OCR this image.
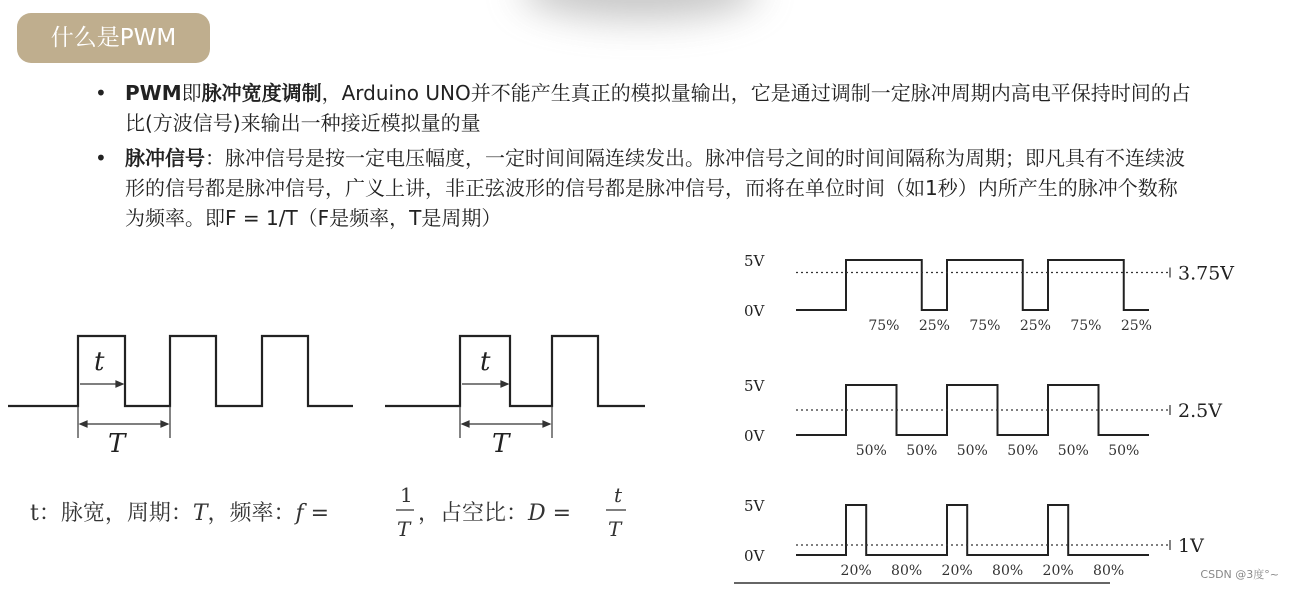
什么是PWM
• PWM即脉冲宽度调制，Arduino UNO并不能产生真正的模拟量输出，它是通过调制一定脉冲周期内高电平保持时间的占比(方波信号)来输出一种接近模拟量的量
• 脉冲信号：脉冲信号是按一定电压幅度，一定时间间隔连续发出。脉冲信号之间的时间间隔称为周期；即凡具有不连续波形的信号都是脉冲信号，广义上讲，非正弦波形的信号都是脉冲信号，而将在单位时间（如1秒）内所产生的脉冲个数称为频率。即F = 1/T（F是频率，T是周期）
t
T
t
T
t：脉宽，周期：T，频率：f =
1
T
，占空比：D =
t
T
5V
0V
3.75V
75% 25% 75% 25% 75% 25%
5V
0V
2.5V
50% 50% 50% 50% 50% 50%
5V
0V	1V
20% 80% 20% 80% 20% 80%	CSDN @3度°~
